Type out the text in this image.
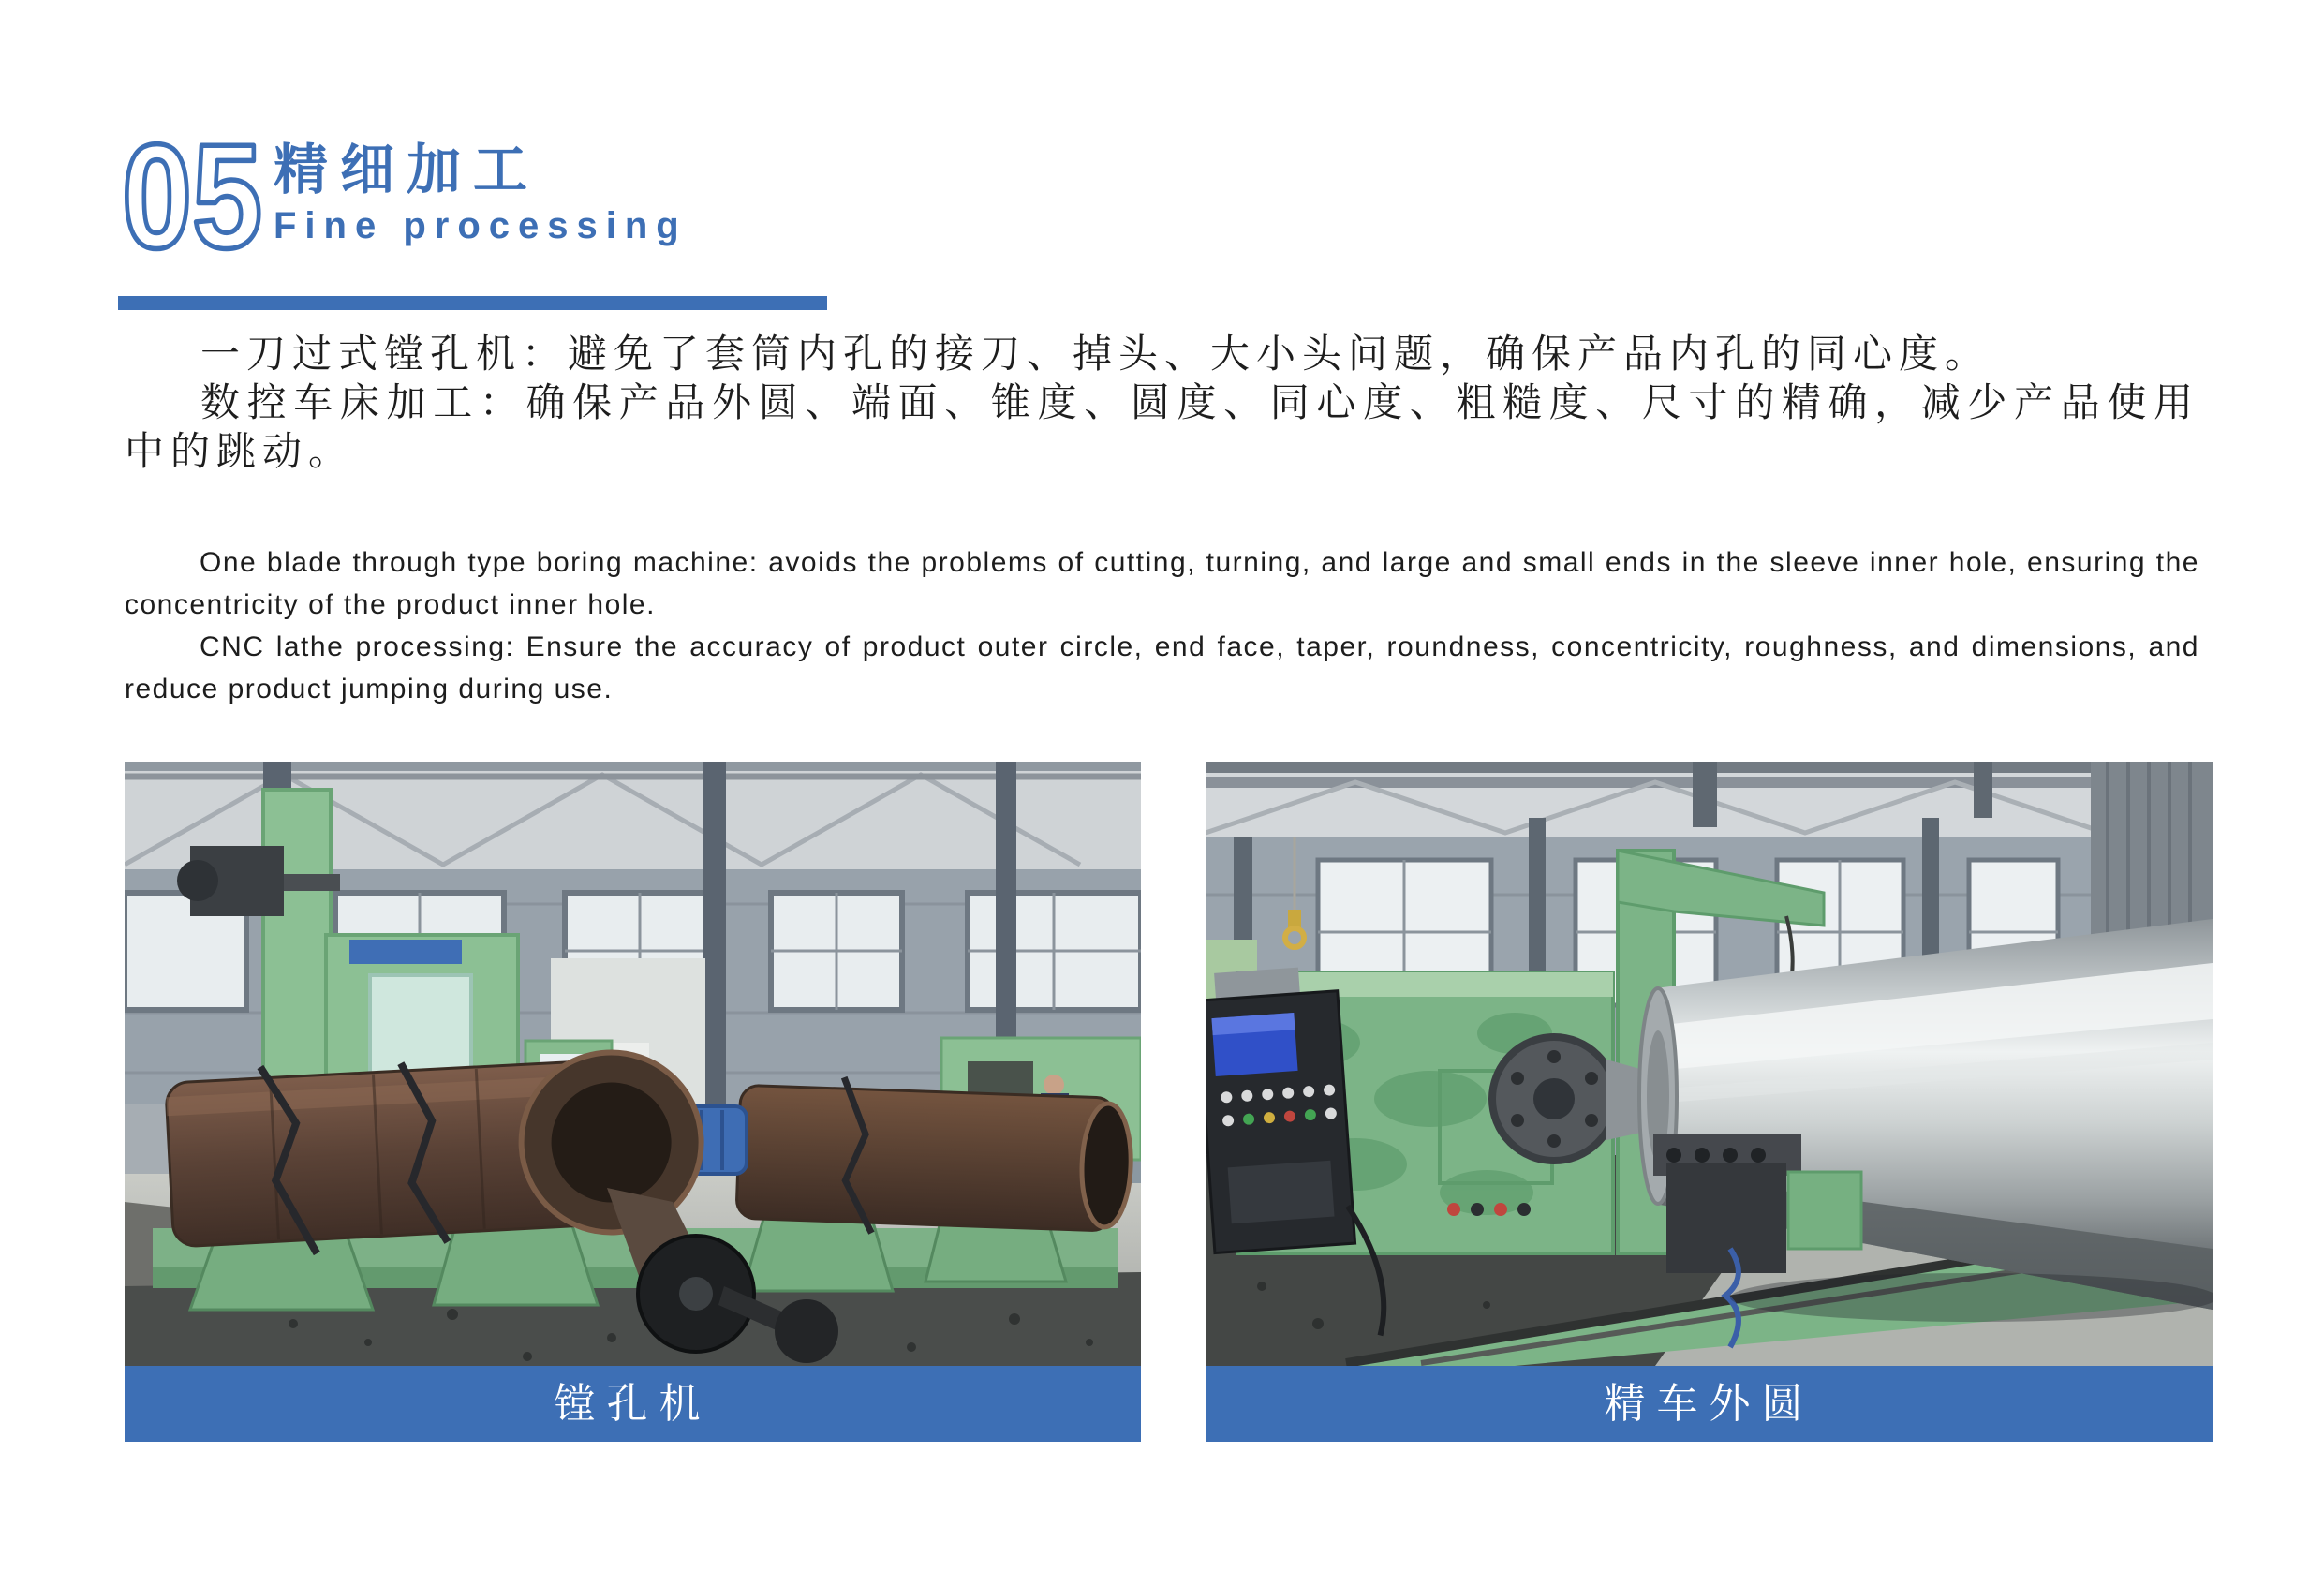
05 精细加工
Fine processing

一刀过式镗孔机：避免了套筒内孔的接刀、掉头、大小头问题，确保产品内孔的同心度。

数控车床加工：确保产品外圆、端面、锥度、圆度、同心度、粗糙度、尺寸的精确，减少产品使用中的跳动。

One blade through type boring machine: avoids the problems of cutting, turning, and large and small ends in the sleeve inner hole, ensuring the concentricity of the product inner hole.

CNC lathe processing: Ensure the accuracy of product outer circle, end face, taper, roundness, concentricity, roughness, and dimensions, and reduce product jumping during use.

镗孔机	精车外圆
